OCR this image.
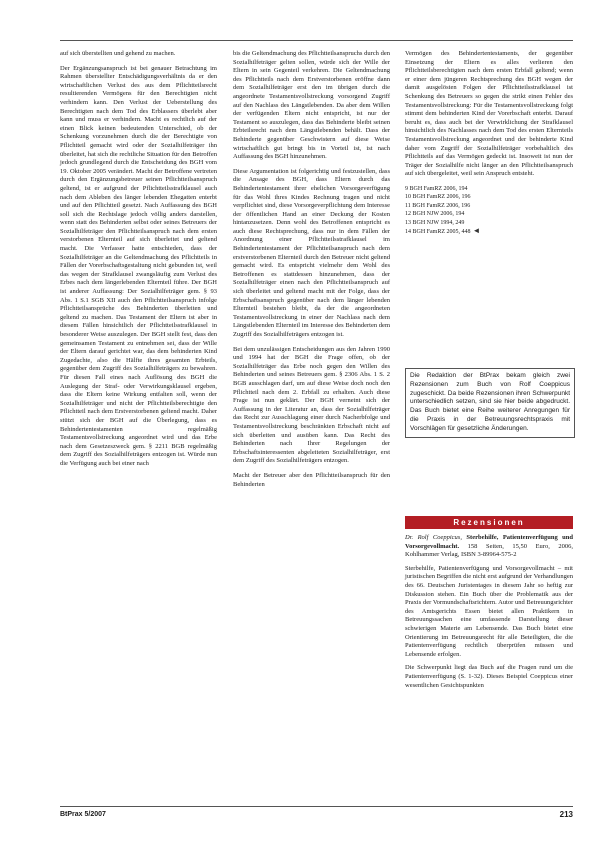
auf sich überstellten und gehend zu machen.

Der Ergänzungsanspruch ist bei genauer Betrachtung im Rahmen überstellter Entschädigungsverhältnis da er den wirtschaftlichen Verlust des aus dem Pflichtteilsrecht resultierenden Vermögens für den Berechtigten nicht verhindern kann. Den Verlust der Ueberstellung des Berechtigten nach dem Tod des Erblassers überlebt aber kann und muss er verhindern. Macht es rechtlich auf der einen Blick keinen bedeutenden Unterschied, ob der Schenkung vorzunehmen durch die der Berechtigte von Pflichtteil gemacht wird oder der Sozialhilfeträger ihn überleitet, hat sich die rechtliche Situation für den Betroffen jedoch grundlegend durch die Entscheidung des BGH vom 19. Oktober 2005 verändert. Macht der Betroffene vertreten durch den Ergänzungsbetreuer seinen Pflichtteilsanspruch geltend, ist er aufgrund der Pflichtteilsstrafklausel auch nach dem Ableben des länger lebenden Ehegatten enterbt und auf den Pflichtteil gesetzt. Nach Auffassung des BGH soll sich die Rechtslage jedoch völlig anders darstellen, wenn statt des Behinderten selbst oder seines Betreuers der Sozialhilfeträger den Pflichtteilsanspruch nach dem ersten verstorbenen Elternteil auf sich überleitet und geltend macht. Die Verfasser hatte entschieden, dass der Sozialhilfeträger an die Geltendmachung des Pflichtteils in Fällen der Vorerbschaftsgestaltung nicht gebunden ist, weil das wegen der Strafklausel zwangsläufig zum Verlust des Erbes nach dem längerlebenden Elternteil führe. Der BGH ist anderer Auffassung: Der Sozialhilfeträger gem. § 93 Abs. 1 S.1 SGB XII auch den Pflichtteilsanspruch infolge Pflichtteilsansprüche des Behinderten überleiten und geltend zu machen. Das Testament der Eltern ist aber in diesem Fällen hinsichtlich der Pflichtteilsstrafklausel in besonderer Weise auszulegen. Der BGH stellt fest, dass den gemeinsamen Testament zu entnehmen sei, dass der Wille der Eltern darauf gerichtet war, das dem behinderten Kind Zugedachte, also die Hälfte ihres gesamten Erbteils, gegenüber dem Zugriff des Sozialhilfeträgers zu bewahren. Für diesen Fall eines nach Auflösung des BGH die Auslegung der Straf- oder Verwirkungsklausel ergeben, dass die Eltern keine Wirkung entfalten soll, wenn der Sozialhilfeträger und nicht der Pflichtteilsberechtigte den Pflichtteil nach dem Erstverstorbenen geltend macht. Daher stützt sich der BGH auf die Überlegung, dass es Behindertentestamenten regelmäßig Testamentsvollstreckung angeordnet wird und das Erbe nach dem Gesetzeszweck gem. § 2211 BGB regelmäßig dem Zugriff des Sozialhilfeträgers entzogen ist. Würde nun die Verfügung auch bei einer nach

bis die Geltendmachung des Pflichtteilsanspruchs durch den Sozialhilfeträger gelten sollen, würde sich der Wille der Eltern in sein Gegenteil verkehren. Die Geltendmachung des Pflichtteils nach dem Erstverstorbenen eröffne dann dem Sozialhilfeträger erst den im übrigen durch die angeordnete Testamentsvollstreckung vorsorgend Zugriff auf den Nachlass des Längstlebenden. Da aber dem Willen der verfügenden Eltern nicht entspricht, ist nur der Testament so auszulegen, dass das Behinderte bleibt seinen Erbteilsrecht nach dem Längstlebenden behält. Dass der Behinderte gegenüber Geschwistern auf diese Weise wirtschaftlich gut bringt bis in Vorteil ist, ist nach Auffassung des BGH hinzunehmen.

Diese Argumentation ist folgerichtig und festzustellen, dass die Ansage des BGH, dass Eltern durch das Behindertentestament ihrer ehelichen Vorsorgeverfügung für das Wohl ihres Kindes Rechnung tragen und nicht verpflichtet sind, diese Vorsorgeverpflichtung dem Interesse der öffentlichen Hand an einer Deckung der Kosten hintanzusetzen. Denn wohl des Betroffenen entspricht es auch diese Rechtsprechung, dass nur in dem Fällen der Anordnung einer Pflichtteilsstrafklausel im Behindertentestament der Pflichtteilsanspruch nach dem erstverstorbenen Elternteil durch den Betreuer nicht geltend gemacht wird. Es entspricht vielmehr dem Wohl des Betroffenen es stattdessen hinzunehmen, dass der Sozialhilfeträger einen nach den Pflichtteilsanspruch auf sich überleitet und geltend macht mit der Folge, dass der Erbschaftsanspruch gegenüber nach dem länger lebenden Elternteil bestehen bleibt, da der die angeordneten Testamentsvollstreckung in einer der Nachlass nach dem Längstlebenden Elternteil im Interesse des Behinderten dem Zugriff des Sozialhilfeträgers entzogen ist.

Bei dem unzulässigen Entscheidungen aus den Jahren 1990 und 1994 hat der BGH die Frage offen, ob der Sozialhilfeträger das Erbe noch gegen den Willen des Behinderten und seines Betreuers gem. § 2306 Abs. 1 S. 2 BGB ausschlagen darf, um auf diese Weise doch noch den Pflichtteil nach dem 2. Erbfall zu erhalten. Auch diese Frage ist nun geklärt. Der BGH verneint sich der Auffassung in der Literatur an, dass der Sozialhilfeträger das Recht zur Ausschlagung einer durch Nacherbfolge und Testamentsvollstreckung beschränkten Erbschaft nicht auf sich überleiten und ausüben kann. Das Recht des Behinderten nach Ihrer Regelungen der Erbschaftsinteressenten abgeleiteten Sozialhilfeträger, erst dem Zugriff des Sozialhilfeträgers entzogen.

Macht der Betreuer aber den Pflichtteilsanspruch für den Behinderten

Vermögen des Behindertentestaments, der gegenüber Einsetzung der Eltern es alles verlieren den Pflichtteilsberechtigten nach dem ersten Erbfall geltend; wenn er einer dem jüngeren Rechtsprechung des BGH wegen der damit ausgelösten Folgen der Pflichtteilsstrafklausel ist Schenkung des Betreuers so gegen die strikt einen Fehler des Testamentsvollstreckung: Für die Testamentsvollstreckung folgt stimmt dem behinderten Kind der Vorerbschaft enterbt. Darauf beruht es, dass auch bei der Verwirklichung der Strafklausel hinsichtlich des Nachlasses nach dem Tod des ersten Elternteils Testamentsvollstreckung angeordnet und der behinderte Kind daher vom Zugriff der Sozialhilfeträger vorbehaltlich des Pflichtteils auf das Vermögen gedeckt ist. Insoweit ist nun der Träger der Sozialhilfe nicht länger an den Pflichtteilsanspruch auf sich übergeleitet, weil sein Anspruch entsteht.

9 BGH FamRZ 2006, 194
10 BGH FamRZ 2006, 196
11 BGH FamRZ 2006, 196
12 BGH NJW 2006, 194
13 BGH NJW 1994, 249
14 BGH FamRZ 2005, 448 ◄

Die Redaktion der BtPrax bekam gleich zwei Rezensionen zum Buch von Rolf Coeppicus zugeschickt. Da beide Rezensionen ihren Schwerpunkt unterschiedlich setzen, sind sie hier beide abgedruckt. Das Buch bietet eine Reihe weiterer Anregungen für die Praxis in der Betreuungsrechtspraxis mit Vorschlägen für gesetzliche Änderungen.

Rezensionen

Dr. Rolf Coeppicus, Sterbehilfe, Patientenverfügung und Vorsorgevollmacht. 158 Seiten, 15,50 Euro, 2006, Kohlhammer Verlag, ISBN 3-89964-575-2

Sterbehilfe, Patientenverfügung und Vorsorgevollmacht – mit juristischen Begriffen die nicht erst aufgrund der Verhandlungen des 66. Deutschen Juristentages in diesem Jahr so heftig zur Diskussion stehen. Ein Buch über die Problematik aus der Praxis der Vormundschaftsrichtern. Autor und Betreuungsrichter des Amtsgerichts Essen bietet allen Praktikern in Betreuungssachen eine umfassende Darstellung dieser schwierigen Materie am Lebensende. Das Buch bietet eine Orientierung im Betreuungsrecht für alle Beteiligten, die die Patientenverfügung rechtlich überprüfen müssen und Lebensende erfolgen.

Die Schwerpunkt liegt das Buch auf die Fragen rund um die Patientenverfügung (S. 1-32). Dieses Beispiel Coeppicus einer wesentlichen Gesichtspunkten

BtPrax 5/2007	213
